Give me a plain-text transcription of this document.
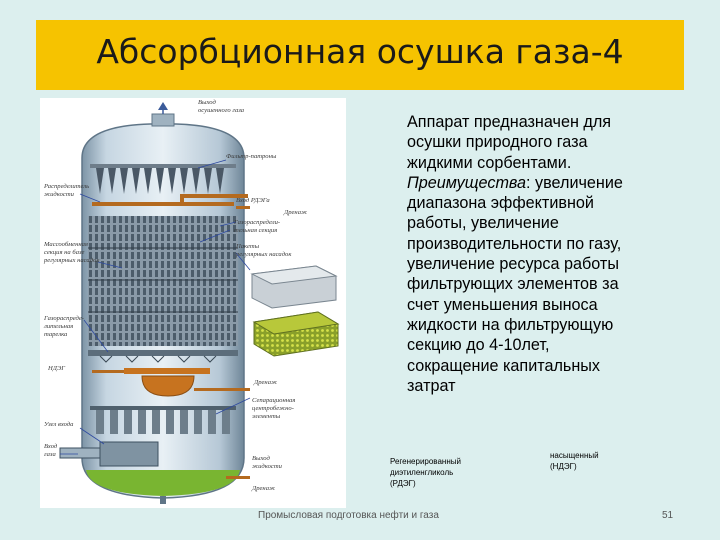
Абсорбционная осушка газа-4
Выход
осушенного газа
Фильтр-патроны
Распределитель
жидкости
Вход РДЭГа
Дренаж
Газораспредели-
тельная секция
Массообменная
секция на базе
регулярных насадок
Пакеты
регулярных насадок
Газораспредe-
лительная
тарелка
НДЭГ
Дренаж
Сепарационная
центробежно-
элементы
Узел входа
Вход
газа
Выход
жидкости
Дренаж
Аппарат предназначен для
осушки природного газа
жидкими сорбентами.
Преимущества: увеличение
диапазона эффективной
работы, увеличение
производительности по газу,
увеличение ресурса работы
фильтрующих элементов за
счет уменьшения выноса
жидкости на фильтрующую
секцию до 4-10лет,
сокращение капитальных
затрат
Регенерированный
диэтиленгликоль
(РДЭГ)
насыщенный
(НДЭГ)
Промысловая подготовка нефти и газа	51
